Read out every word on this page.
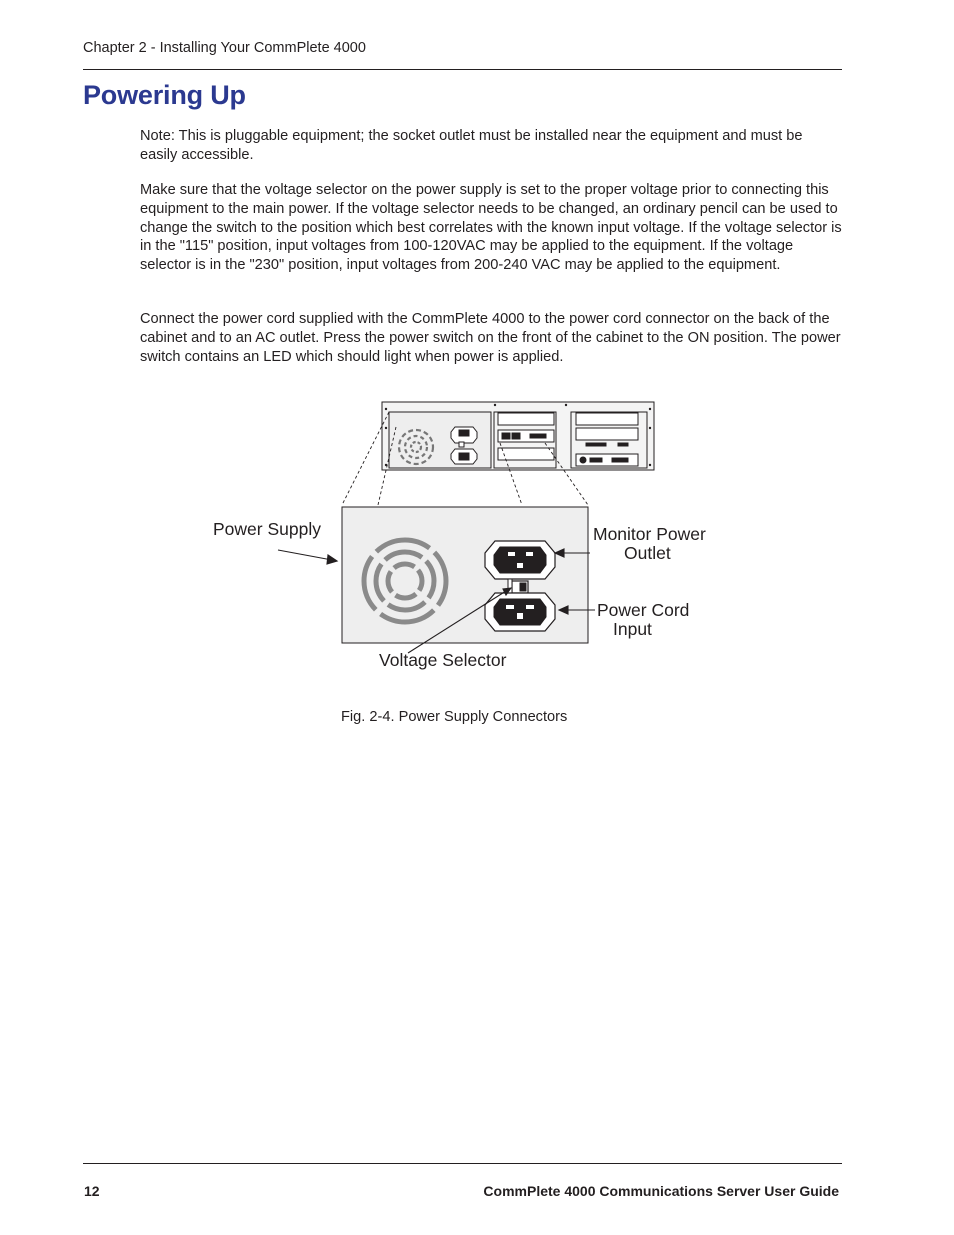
Chapter 2 - Installing Your CommPlete 4000
Powering Up

Note: This is pluggable equipment; the socket outlet must be installed near the equipment and must be easily accessible.

Make sure that the voltage selector on the power supply is set to the proper voltage prior to connecting this equipment to the main power. If the voltage selector needs to be changed, an ordinary pencil can be used to change the switch to the position which best correlates with the known input voltage. If the voltage selector is in the "115" position, input voltages from 100-120VAC may be applied to the equipment. If the voltage selector is in the "230" position, input voltages from 200-240 VAC may be applied to the equipment.

Connect the power cord supplied with the CommPlete 4000 to the power cord connector on the back of the cabinet and to an AC outlet. Press the power switch on the front of the cabinet to the ON position. The power switch contains an LED which should light when power is applied.

Power Supply	Monitor Power
Outlet
Power Cord
Input
Voltage Selector
Fig. 2-4. Power Supply Connectors
12	CommPlete 4000 Communications Server User Guide
